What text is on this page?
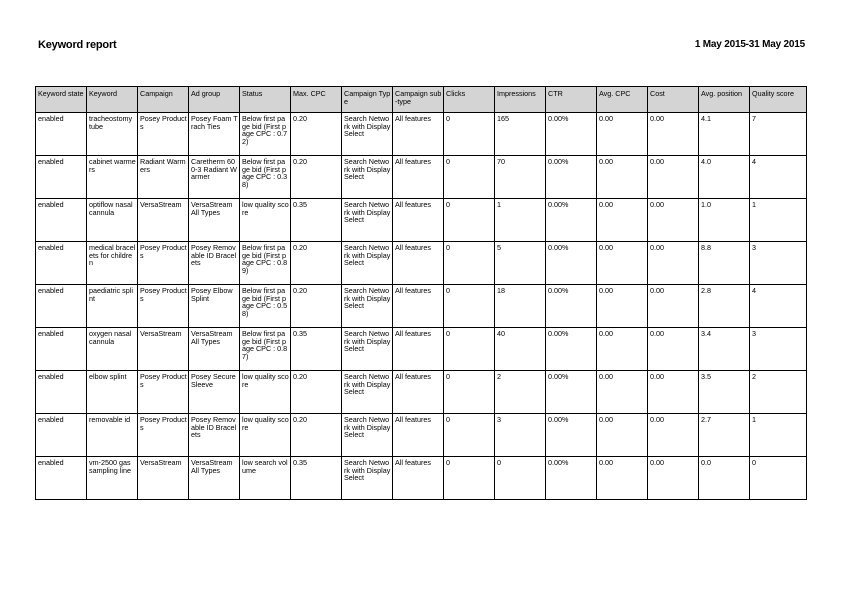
Keyword report	1 May 2015-31 May 2015
Keyword state	Keyword	Campaign	Ad group	Status	Max. CPC	Campaign Type	Campaign sub-type	Clicks	Impressions	CTR	Avg. CPC	Cost	Avg. position	Quality score
enabled	tracheostomy tube	Posey Products	Posey Foam Trach Ties	Below first page bid (First page CPC : 0.72)	0.20	Search Network with Display Select	All features	0	165	0.00%	0.00	0.00	4.1	7
enabled	cabinet warmers	Radiant Warmers	Caretherm 600-3 Radiant Warmer	Below first page bid (First page CPC : 0.38)	0.20	Search Network with Display Select	All features	0	70	0.00%	0.00	0.00	4.0	4
enabled	optiflow nasal cannula	VersaStream	VersaStream All Types	low quality score	0.35	Search Network with Display Select	All features	0	1	0.00%	0.00	0.00	1.0	1
enabled	medical bracelets for children	Posey Products	Posey Removable ID Bracelets	Below first page bid (First page CPC : 0.89)	0.20	Search Network with Display Select	All features	0	5	0.00%	0.00	0.00	8.8	3
enabled	paediatric splint	Posey Products	Posey Elbow Splint	Below first page bid (First page CPC : 0.58)	0.20	Search Network with Display Select	All features	0	18	0.00%	0.00	0.00	2.8	4
enabled	oxygen nasal cannula	VersaStream	VersaStream All Types	Below first page bid (First page CPC : 0.87)	0.35	Search Network with Display Select	All features	0	40	0.00%	0.00	0.00	3.4	3
enabled	elbow splint	Posey Products	Posey SecureSleeve	low quality score	0.20	Search Network with Display Select	All features	0	2	0.00%	0.00	0.00	3.5	2
enabled	removable id	Posey Products	Posey Removable ID Bracelets	low quality score	0.20	Search Network with Display Select	All features	0	3	0.00%	0.00	0.00	2.7	1
enabled	vm-2500 gas sampling line	VersaStream	VersaStream All Types	low search volume	0.35	Search Network with Display Select	All features	0	0	0.00%	0.00	0.00	0.0	0
